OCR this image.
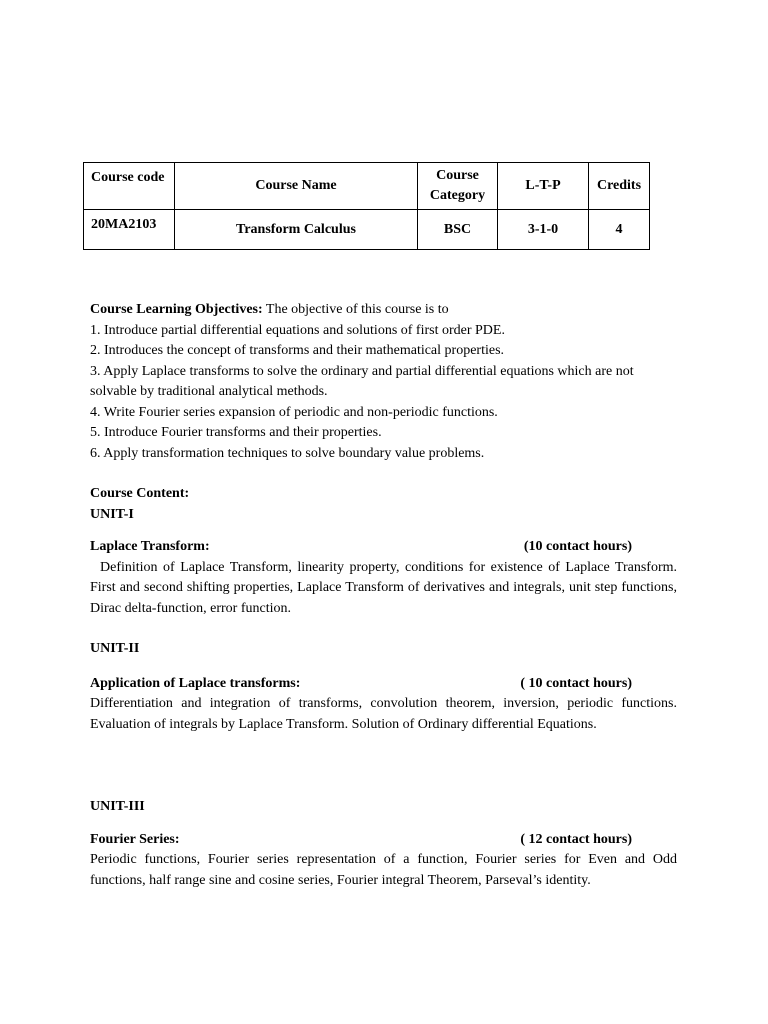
Course code	Course Name	Course Category	L-T-P	Credits
20MA2103	Transform Calculus	BSC	3-1-0	4

Course Learning Objectives: The objective of this course is to

1. Introduce partial differential equations and solutions of first order PDE.

2. Introduces the concept of transforms and their mathematical properties.

3. Apply Laplace transforms to solve the ordinary and partial differential equations which are not solvable by traditional analytical methods.

4. Write Fourier series expansion of periodic and non-periodic functions.

5. Introduce Fourier transforms and their properties.

6. Apply transformation techniques to solve boundary value problems.

Course Content:

UNIT-I

Laplace Transform:	(10 contact hours)

Definition of Laplace Transform, linearity property, conditions for existence of Laplace Transform. First and second shifting properties, Laplace Transform of derivatives and integrals, unit step functions, Dirac delta-function, error function.

UNIT-II

Application of Laplace transforms:	( 10 contact hours)

Differentiation and integration of transforms, convolution theorem, inversion, periodic functions. Evaluation of integrals by Laplace Transform. Solution of Ordinary differential Equations.

UNIT-III

Fourier Series:	( 12 contact hours)

Periodic functions, Fourier series representation of a function, Fourier series for Even and Odd functions, half range sine and cosine series, Fourier integral Theorem, Parseval’s identity.
